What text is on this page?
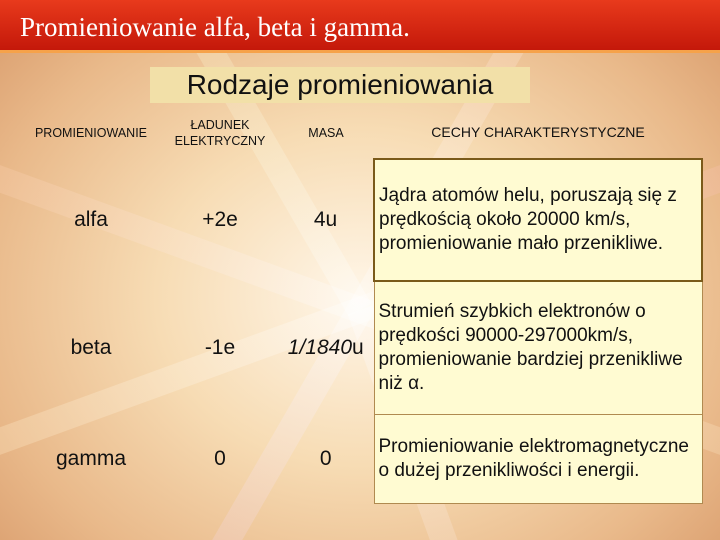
Promieniowanie alfa, beta i gamma.
Rodzaje promieniowania
PROMIENIOWANIE	ŁADUNEK ELEKTRYCZNY	MASA	CECHY CHARAKTERYSTYCZNE
alfa	+2e	4u	Jądra atomów helu, poruszają się z prędkością około 20000 km/s, promieniowanie mało przenikliwe.
beta	-1e	1/1840u	Strumień szybkich elektronów o prędkości 90000-297000km/s, promieniowanie bardziej przenikliwe niż α.
gamma	0	0	Promieniowanie elektromagnetyczne o dużej przenikliwości i energii.
